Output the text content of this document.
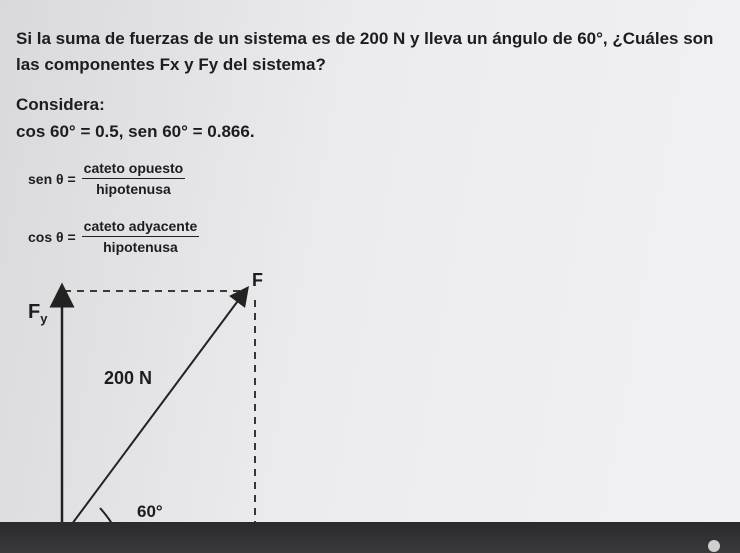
Si la suma de fuerzas de un sistema es de 200 N y lleva un ángulo de 60°, ¿Cuáles son las componentes Fx y Fy del sistema?
Considera:
cos 60° = 0.5, sen 60° = 0.866.
sen $\theta = \frac{\text{cateto opuesto}}{\text{hipotenusa}}$
$\cos \theta = \frac{\text{cateto adyacente}}{\text{hipotenusa}}$
F
$F_y$
200 N
60°
